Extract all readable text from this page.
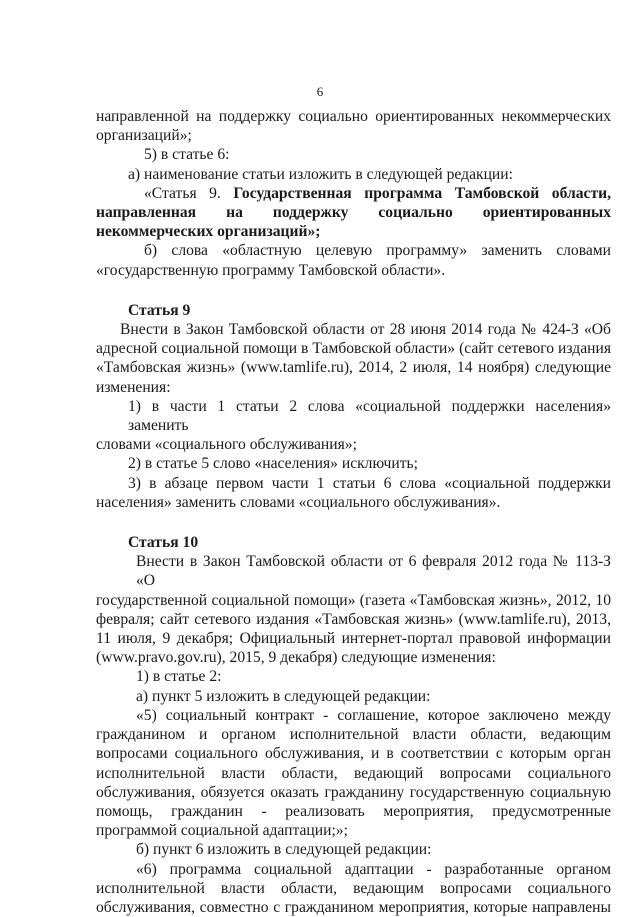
6

направленной на поддержку социально ориентированных некоммерческих

организаций»;

5) в статье 6:

а) наименование статьи изложить в следующей редакции:

«Статья 9. Государственная программа Тамбовской области,

направленная на поддержку социально ориентированных

некоммерческих организаций»;

б) слова «областную целевую программу» заменить словами

«государственную программу Тамбовской области».

Статья 9

Внести в Закон Тамбовской области от 28 июня 2014 года № 424-З «Об

адресной социальной помощи в Тамбовской области» (сайт сетевого издания

«Тамбовская жизнь» (www.tamlife.ru), 2014, 2 июля, 14 ноября) следующие

изменения:

1) в части 1 статьи 2 слова «социальной поддержки населения» заменить

словами «социального обслуживания»;

2) в статье 5 слово «населения» исключить;

3) в абзаце первом части 1 статьи 6 слова «социальной поддержки

населения» заменить словами «социального обслуживания».

Статья 10

Внести в Закон Тамбовской области от 6 февраля 2012 года № 113-З «О

государственной социальной помощи» (газета «Тамбовская жизнь», 2012, 10

февраля; сайт сетевого издания «Тамбовская жизнь» (www.tamlife.ru), 2013,

11 июля, 9 декабря; Официальный интернет-портал правовой информации

(www.pravo.gov.ru), 2015, 9 декабря) следующие изменения:

1) в статье 2:

а) пункт 5 изложить в следующей редакции:

«5) социальный контракт - соглашение, которое заключено между

гражданином и органом исполнительной власти области, ведающим

вопросами социального обслуживания, и в соответствии с которым орган

исполнительной власти области, ведающий вопросами социального

обслуживания, обязуется оказать гражданину государственную социальную

помощь, гражданин - реализовать мероприятия, предусмотренные

программой социальной адаптации;»;

б) пункт 6 изложить в следующей редакции:

«6) программа социальной адаптации - разработанные органом

исполнительной власти области, ведающим вопросами социального

обслуживания, совместно с гражданином мероприятия, которые направлены
